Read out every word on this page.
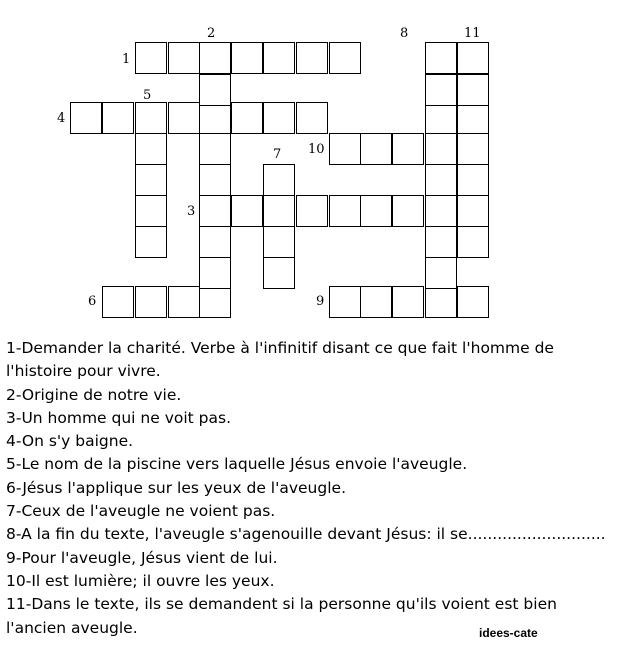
1
2
3
4
5
6
7
8
9
10
11

1-Demander la charité. Verbe à l'infinitif disant ce que fait l'homme de l'histoire pour vivre.

2-Origine de notre vie.

3-Un homme qui ne voit pas.

4-On s'y baigne.

5-Le nom de la piscine vers laquelle Jésus envoie l'aveugle.

6-Jésus l'applique sur les yeux de l'aveugle.

7-Ceux de l'aveugle ne voient pas.

8-A la fin du texte, l'aveugle s'agenouille devant Jésus: il se............................

9-Pour l'aveugle, Jésus vient de lui.

10-Il est lumière; il ouvre les yeux.

11-Dans le texte, ils se demandent si la personne qu'ils voient est bien l'ancien aveugle.	idees-cate
